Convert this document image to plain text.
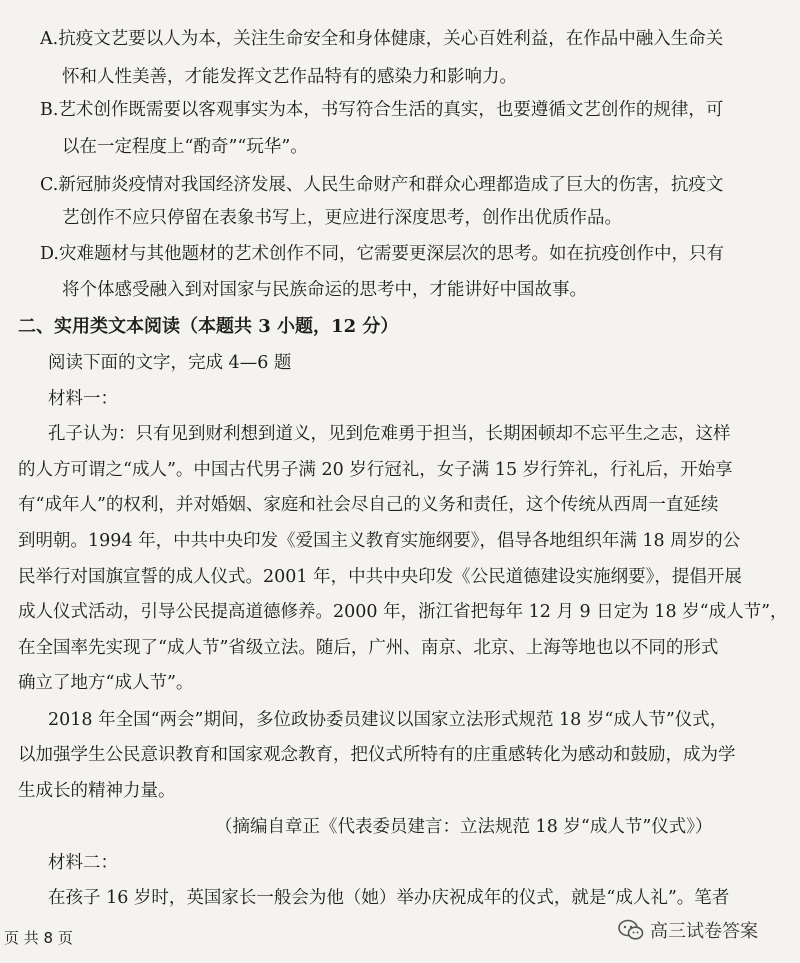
A.抗疫文艺要以人为本，关注生命安全和身体健康，关心百姓利益，在作品中融入生命关
怀和人性美善，才能发挥文艺作品特有的感染力和影响力。
B.艺术创作既需要以客观事实为本，书写符合生活的真实，也要遵循文艺创作的规律，可
以在一定程度上“酌奇”“玩华”。
C.新冠肺炎疫情对我国经济发展、人民生命财产和群众心理都造成了巨大的伤害，抗疫文
艺创作不应只停留在表象书写上，更应进行深度思考，创作出优质作品。
D.灾难题材与其他题材的艺术创作不同，它需要更深层次的思考。如在抗疫创作中，只有
将个体感受融入到对国家与民族命运的思考中，才能讲好中国故事。
二、实用类文本阅读（本题共 3 小题，12 分）
阅读下面的文字，完成 4—6 题
材料一：
孔子认为：只有见到财利想到道义，见到危难勇于担当，长期困顿却不忘平生之志，这样
的人方可谓之“成人”。中国古代男子满 20 岁行冠礼，女子满 15 岁行笄礼，行礼后，开始享
有“成年人”的权利，并对婚姻、家庭和社会尽自己的义务和责任，这个传统从西周一直延续
到明朝。1994 年，中共中央印发《爱国主义教育实施纲要》，倡导各地组织年满 18 周岁的公
民举行对国旗宣誓的成人仪式。2001 年，中共中央印发《公民道德建设实施纲要》，提倡开展
成人仪式活动，引导公民提高道德修养。2000 年，浙江省把每年 12 月 9 日定为 18 岁“成人节”，
在全国率先实现了“成人节”省级立法。随后，广州、南京、北京、上海等地也以不同的形式
确立了地方“成人节”。
2018 年全国“两会”期间，多位政协委员建议以国家立法形式规范 18 岁“成人节”仪式，
以加强学生公民意识教育和国家观念教育，把仪式所特有的庄重感转化为感动和鼓励，成为学
生成长的精神力量。
（摘编自章正《代表委员建言：立法规范 18 岁“成人节”仪式》）
材料二：
在孩子 16 岁时，英国家长一般会为他（她）举办庆祝成年的仪式，就是“成人礼”。笔者
页 共 8 页	高三试卷答案
